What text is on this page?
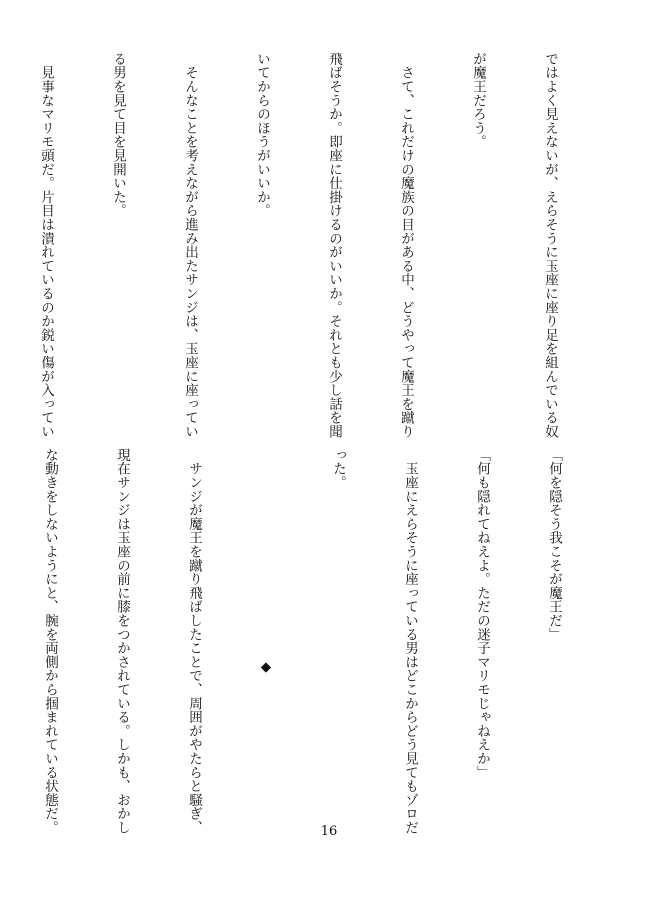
ではよく見えないが、えらそうに玉座に座り足を組んでいる奴

が魔王だろう。

　さて、これだけの魔族の目がある中、どうやって魔王を蹴り

飛ばそうか。即座に仕掛けるのがいいか。それとも少し話を聞

いてからのほうがいいか。

　そんなことを考えながら進み出たサンジは、玉座に座ってい

る男を見て目を見開いた。

　見事なマリモ頭だ。片目は潰れているのか鋭い傷が入ってい

「何を隠そう我こそが魔王だ」

「何も隠れてねえよ。ただの迷子マリモじゃねえか」

　玉座にえらそうに座っている男はどこからどう見てもゾロだ

った。

◆

　サンジが魔王を蹴り飛ばしたことで、周囲がやたらと騒ぎ、

現在サンジは玉座の前に膝をつかされている。しかも、おかし

な動きをしないようにと、腕を両側から掴まれている状態だ。

	16
